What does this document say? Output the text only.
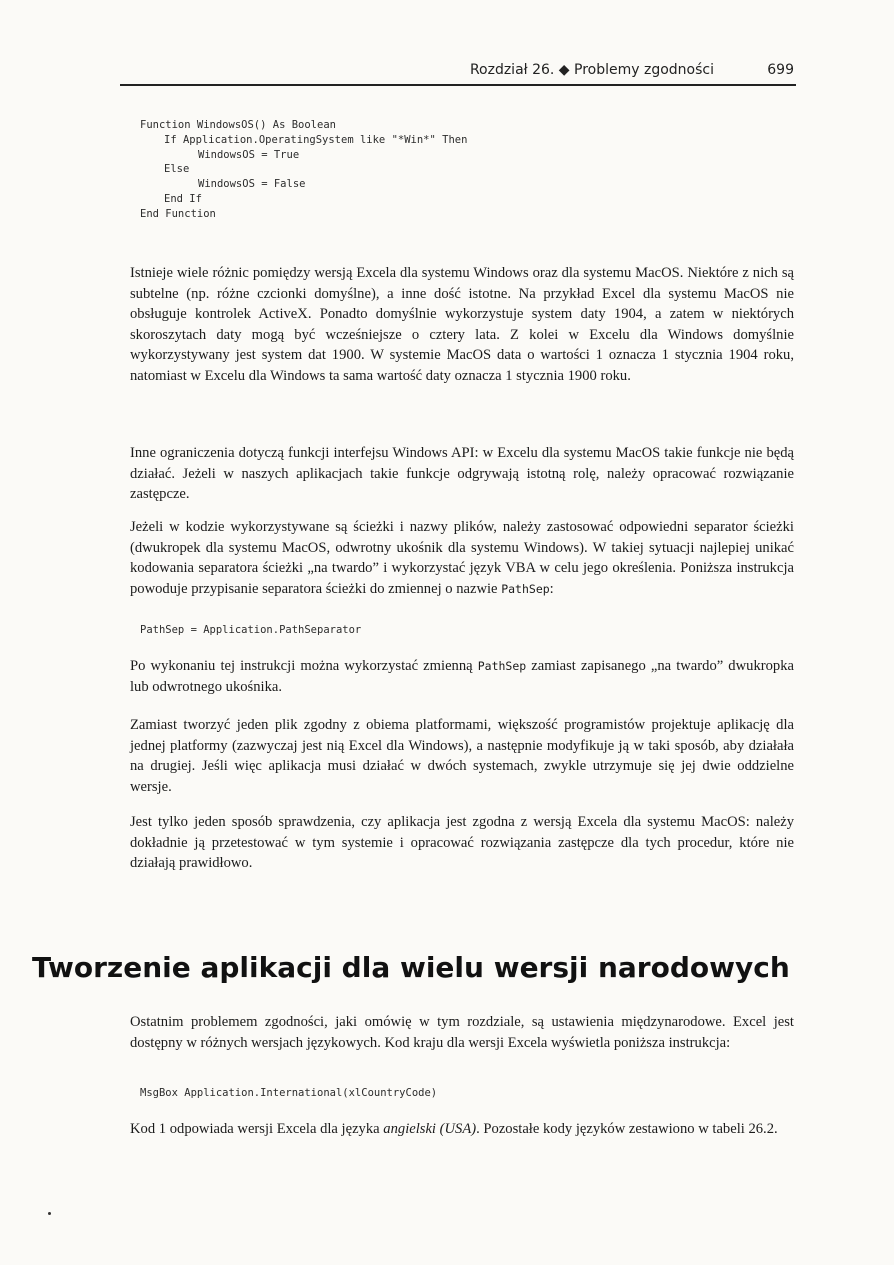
Rozdział 26. ◆ Problemy zgodności	699
Function WindowsOS() As Boolean
If Application.OperatingSystem like "*Win*" Then
WindowsOS = True
Else
WindowsOS = False
End If
End Function

Istnieje wiele różnic pomiędzy wersją Excela dla systemu Windows oraz dla systemu MacOS. Niektóre z nich są subtelne (np. różne czcionki domyślne), a inne dość istotne. Na przykład Excel dla systemu MacOS nie obsługuje kontrolek ActiveX. Ponadto domyślnie wykorzystuje system daty 1904, a zatem w niektórych skoroszytach daty mogą być wcześniejsze o cztery lata. Z kolei w Excelu dla Windows domyślnie wykorzystywany jest system dat 1900. W systemie MacOS data o wartości 1 oznacza 1 stycznia 1904 roku, natomiast w Excelu dla Windows ta sama wartość daty oznacza 1 stycznia 1900 roku.

Inne ograniczenia dotyczą funkcji interfejsu Windows API: w Excelu dla systemu MacOS takie funkcje nie będą działać. Jeżeli w naszych aplikacjach takie funkcje odgrywają istotną rolę, należy opracować rozwiązanie zastępcze.

Jeżeli w kodzie wykorzystywane są ścieżki i nazwy plików, należy zastosować odpowiedni separator ścieżki (dwukropek dla systemu MacOS, odwrotny ukośnik dla systemu Windows). W takiej sytuacji najlepiej unikać kodowania separatora ścieżki „na twardo” i wykorzystać język VBA w celu jego określenia. Poniższa instrukcja powoduje przypisanie separatora ścieżki do zmiennej o nazwie PathSep:

PathSep = Application.PathSeparator

Po wykonaniu tej instrukcji można wykorzystać zmienną PathSep zamiast zapisanego „na twardo” dwukropka lub odwrotnego ukośnika.

Zamiast tworzyć jeden plik zgodny z obiema platformami, większość programistów projektuje aplikację dla jednej platformy (zazwyczaj jest nią Excel dla Windows), a następnie modyfikuje ją w taki sposób, aby działała na drugiej. Jeśli więc aplikacja musi działać w dwóch systemach, zwykle utrzymuje się jej dwie oddzielne wersje.

Jest tylko jeden sposób sprawdzenia, czy aplikacja jest zgodna z wersją Excela dla systemu MacOS: należy dokładnie ją przetestować w tym systemie i opracować rozwiązania zastępcze dla tych procedur, które nie działają prawidłowo.

Tworzenie aplikacji dla wielu wersji narodowych

Ostatnim problemem zgodności, jaki omówię w tym rozdziale, są ustawienia międzynarodowe. Excel jest dostępny w różnych wersjach językowych. Kod kraju dla wersji Excela wyświetla poniższa instrukcja:

MsgBox Application.International(xlCountryCode)

Kod 1 odpowiada wersji Excela dla języka angielski (USA). Pozostałe kody języków zestawiono w tabeli 26.2.
